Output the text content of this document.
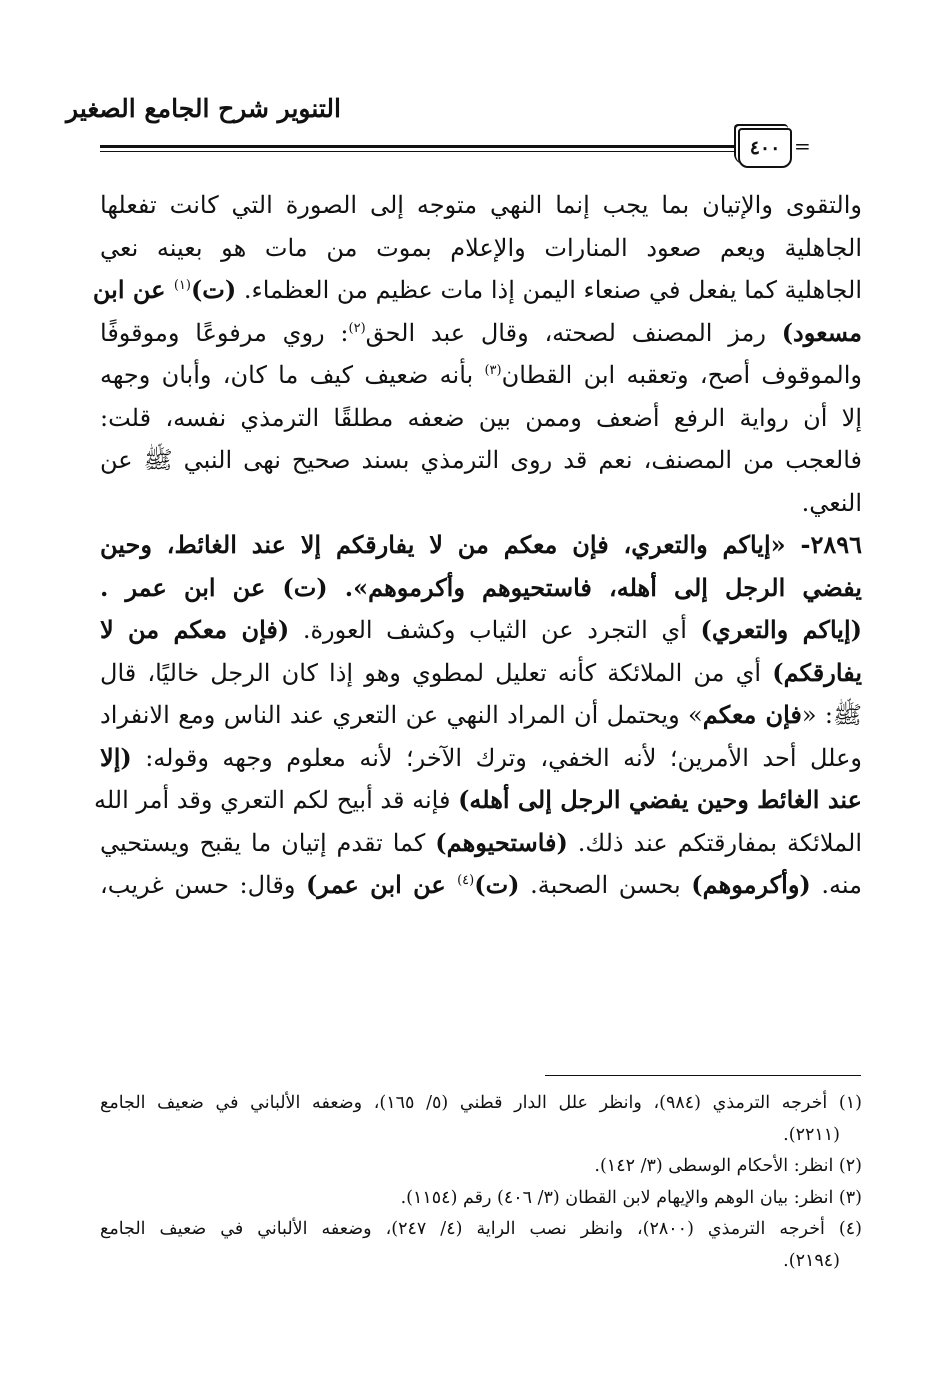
التنوير شرح الجامع الصغير
٤٠٠ =
والتقوى والإتيان بما يجب إنما النهي متوجه إلى الصورة التي كانت تفعلها
الجاهلية ويعم صعود المنارات والإعلام بموت من مات هو بعينه نعي
الجاهلية كما يفعل في صنعاء اليمن إذا مات عظيم من العظماء. (ت)$^{(١)}$ عن ابن
مسعود) رمز المصنف لصحته، وقال عبد الحق$^{(٢)}$: روي مرفوعًا وموقوفًا
والموقوف أصح، وتعقبه ابن القطان$^{(٣)}$ بأنه ضعيف كيف ما كان، وأبان وجهه
إلا أن رواية الرفع أضعف وممن بين ضعفه مطلقًا الترمذي نفسه، قلت:
فالعجب من المصنف، نعم قد روى الترمذي بسند صحيح نهى النبي ﷺ عن
النعي.
٢٨٩٦- «إياكم والتعري، فإن معكم من لا يفارقكم إلا عند الغائط، وحين
يفضي الرجل إلى أهله، فاستحيوهم وأكرموهم». (ت) عن ابن عمر .
(إياكم والتعري) أي التجرد عن الثياب وكشف العورة. (فإن معكم من لا
يفارقكم) أي من الملائكة كأنه تعليل لمطوي وهو إذا كان الرجل خاليًا، قال
ﷺ: «فإن معكم» ويحتمل أن المراد النهي عن التعري عند الناس ومع الانفراد
وعلل أحد الأمرين؛ لأنه الخفي، وترك الآخر؛ لأنه معلوم وجهه وقوله: (إلا
عند الغائط وحين يفضي الرجل إلى أهله) فإنه قد أبيح لكم التعري وقد أمر الله
الملائكة بمفارقتكم عند ذلك. (فاستحيوهم) كما تقدم إتيان ما يقبح ويستحيي
منه. (وأكرموهم) بحسن الصحبة. (ت)$^{(٤)}$ عن ابن عمر) وقال: حسن غريب،
(١) أخرجه الترمذي (٩٨٤)، وانظر علل الدار قطني (٥/ ١٦٥)، وضعفه الألباني في ضعيف الجامع
(٢٢١١).
(٢) انظر: الأحكام الوسطى (٣/ ١٤٢).
(٣) انظر: بيان الوهم والإيهام لابن القطان (٣/ ٤٠٦) رقم (١١٥٤).
(٤) أخرجه الترمذي (٢٨٠٠)، وانظر نصب الراية (٤/ ٢٤٧)، وضعفه الألباني في ضعيف الجامع
(٢١٩٤).
